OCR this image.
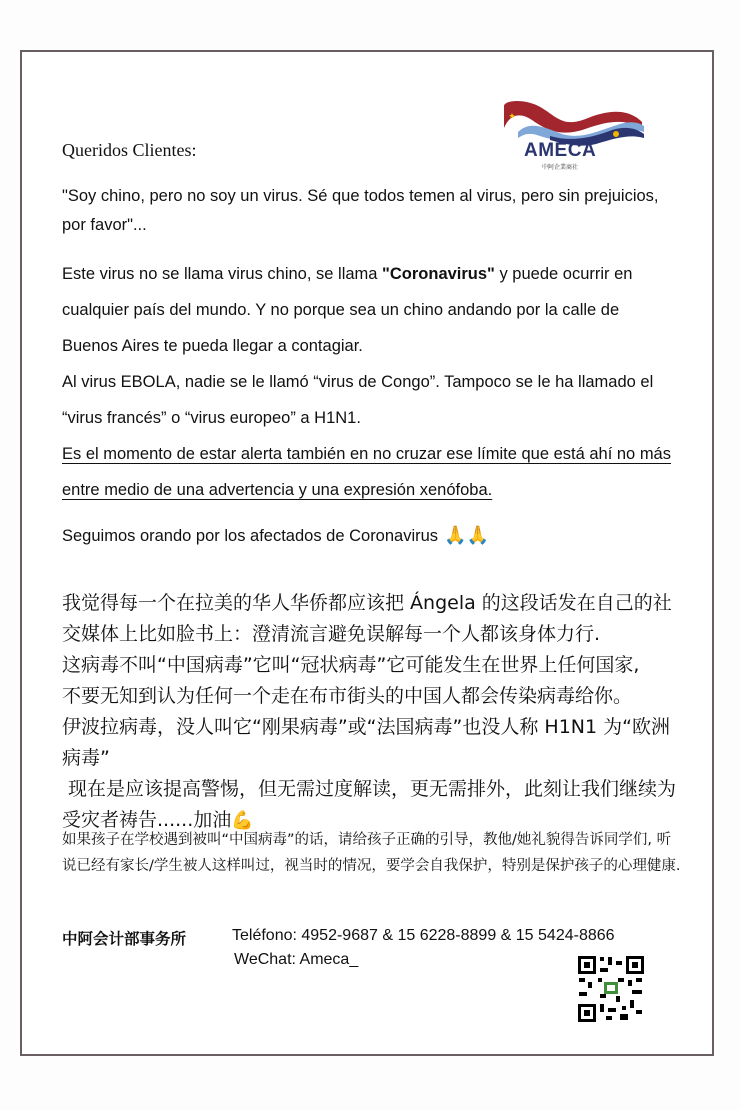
AMECA
中阿企業商社
Queridos Clientes:
"Soy chino, pero no soy un virus. Sé que todos temen al virus, pero sin prejuicios, por favor"...

Este virus no se llama virus chino, se llama "Coronavirus" y puede ocurrir en cualquier país del mundo. Y no porque sea un chino andando por la calle de Buenos Aires te pueda llegar a contagiar.

Al virus EBOLA, nadie se le llamó “virus de Congo”. Tampoco se le ha llamado el “virus francés” o “virus europeo” a H1N1.

Es el momento de estar alerta también en no cruzar ese límite que está ahí no más entre medio de una advertencia y una expresión xenófoba.

Seguimos orando por los afectados de Coronavirus 🙏🙏

我觉得每一个在拉美的华人华侨都应该把 Ángela 的这段话发在自己的社交媒体上比如脸书上：澄清流言避免误解每一个人都该身体力行.

这病毒不叫“中国病毒”它叫“冠状病毒”它可能发生在世界上任何国家,

不要无知到认为任何一个走在布市街头的中国人都会传染病毒给你。

伊波拉病毒，没人叫它“刚果病毒”或“法国病毒”也没人称 H1N1 为“欧洲病毒”

现在是应该提高警惕，但无需过度解读，更无需排外，此刻让我们继续为受灾者祷告......加油💪

如果孩子在学校遇到被叫“中国病毒”的话，请给孩子正确的引导，教他/她礼貌得告诉同学们, 听说已经有家长/学生被人这样叫过，视当时的情况，要学会自我保护，特别是保护孩子的心理健康.
中阿会计部事务所	Teléfono: 4952-9687 & 15 6228-8899 & 15 5424-8866
WeChat: Ameca_
